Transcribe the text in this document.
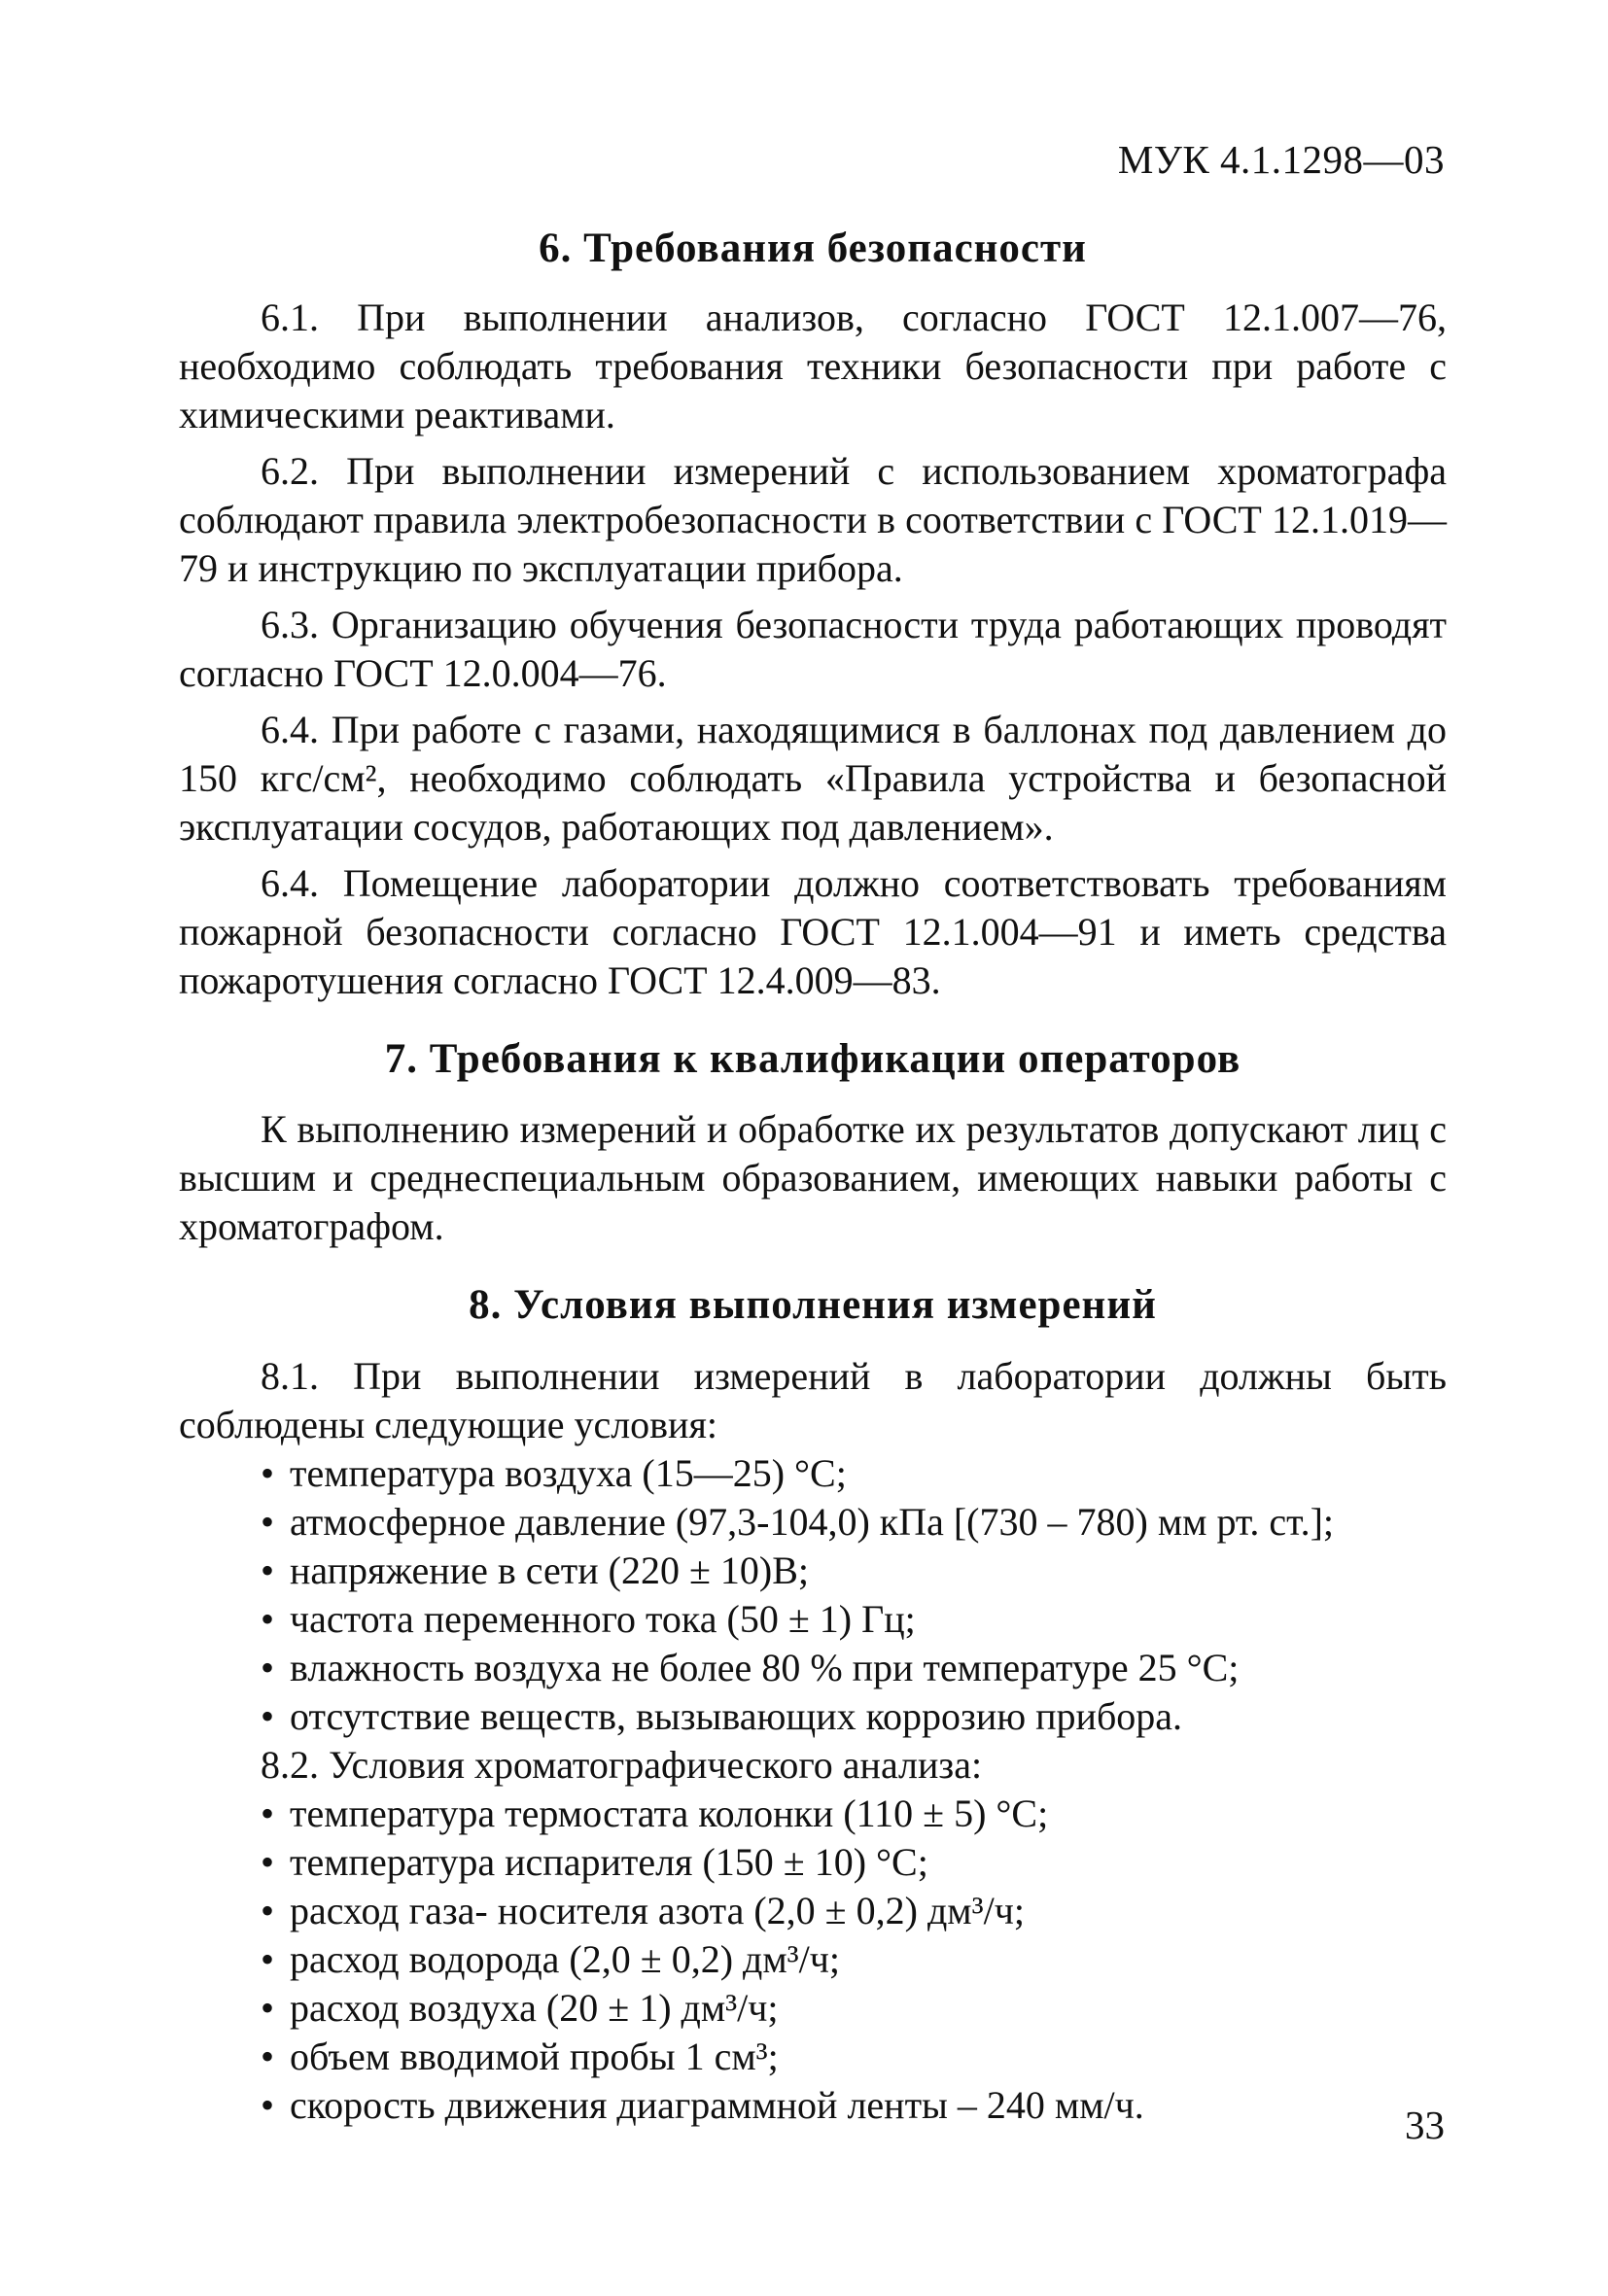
МУК 4.1.1298—03
6. Требования безопасности

6.1. При выполнении анализов, согласно ГОСТ 12.1.007—76, необходимо соблюдать требования техники безопасности при работе с химическими реактивами.

6.2. При выполнении измерений с использованием хроматографа соблюдают правила электробезопасности в соответствии с ГОСТ 12.1.019—79 и инструкцию по эксплуатации прибора.

6.3. Организацию обучения безопасности труда работающих проводят согласно ГОСТ 12.0.004—76.

6.4. При работе с газами, находящимися в баллонах под давлением до 150 кгс/см², необходимо соблюдать «Правила устройства и безопасной эксплуатации сосудов, работающих под давлением».

6.4. Помещение лаборатории должно соответствовать требованиям пожарной безопасности согласно ГОСТ 12.1.004—91 и иметь средства пожаротушения согласно ГОСТ 12.4.009—83.

7. Требования к квалификации операторов

К выполнению измерений и обработке их результатов допускают лиц с высшим и среднеспециальным образованием, имеющих навыки работы с хроматографом.

8. Условия выполнения измерений

8.1. При выполнении измерений в лаборатории должны быть соблюдены следующие условия:

• температура воздуха (15—25) °С;
• атмосферное давление (97,3-104,0) кПа [(730 – 780) мм рт. ст.];
• напряжение в сети (220 ± 10)В;
• частота переменного тока (50 ± 1) Гц;
• влажность воздуха не более 80 % при температуре 25 °С;
• отсутствие веществ, вызывающих коррозию прибора.

8.2. Условия хроматографического анализа:

• температура термостата колонки (110 ± 5) °С;
• температура испарителя (150 ± 10) °С;
• расход газа- носителя азота (2,0 ± 0,2) дм³/ч;
• расход водорода (2,0 ± 0,2) дм³/ч;
• расход воздуха (20 ± 1) дм³/ч;
• объем вводимой пробы 1 см³;
• скорость движения диаграммной ленты – 240 мм/ч.	33
